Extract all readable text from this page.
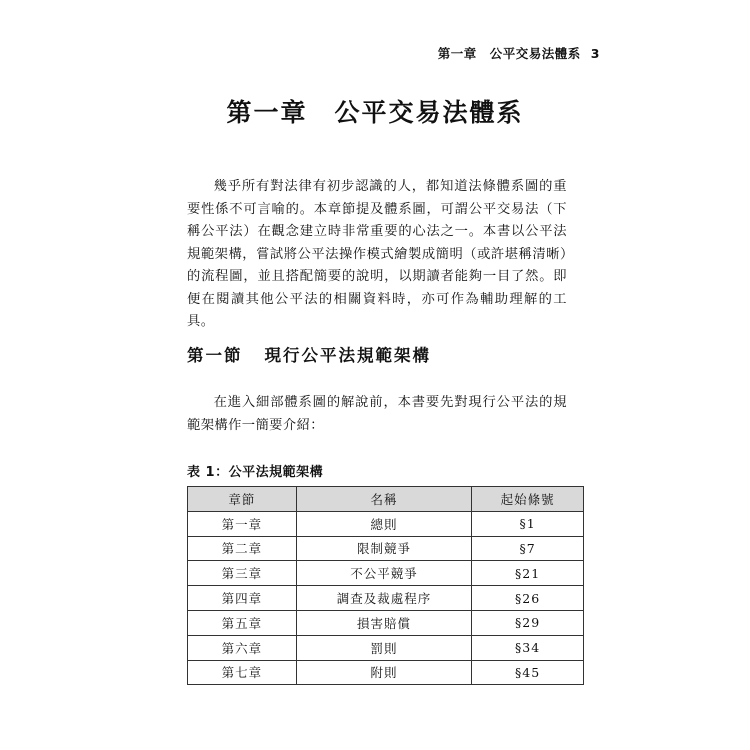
第一章　公平交易法體系 3
第一章　公平交易法體系

幾乎所有對法律有初步認識的人，都知道法條體系圖的重要性係不可言喻的。本章節提及體系圖，可謂公平交易法（下稱公平法）在觀念建立時非常重要的心法之一。本書以公平法規範架構，嘗試將公平法操作模式繪製成簡明（或許堪稱清晰）的流程圖，並且搭配簡要的說明，以期讀者能夠一目了然。即便在閱讀其他公平法的相關資料時，亦可作為輔助理解的工具。

第一節 現行公平法規範架構

在進入細部體系圖的解說前，本書要先對現行公平法的規範架構作一簡要介紹：

表 1：公平法規範架構
章節	名稱	起始條號
第一章	總則	§1
第二章	限制競爭	§7
第三章	不公平競爭	§21
第四章	調查及裁處程序	§26
第五章	損害賠償	§29
第六章	罰則	§34
第七章	附則	§45
